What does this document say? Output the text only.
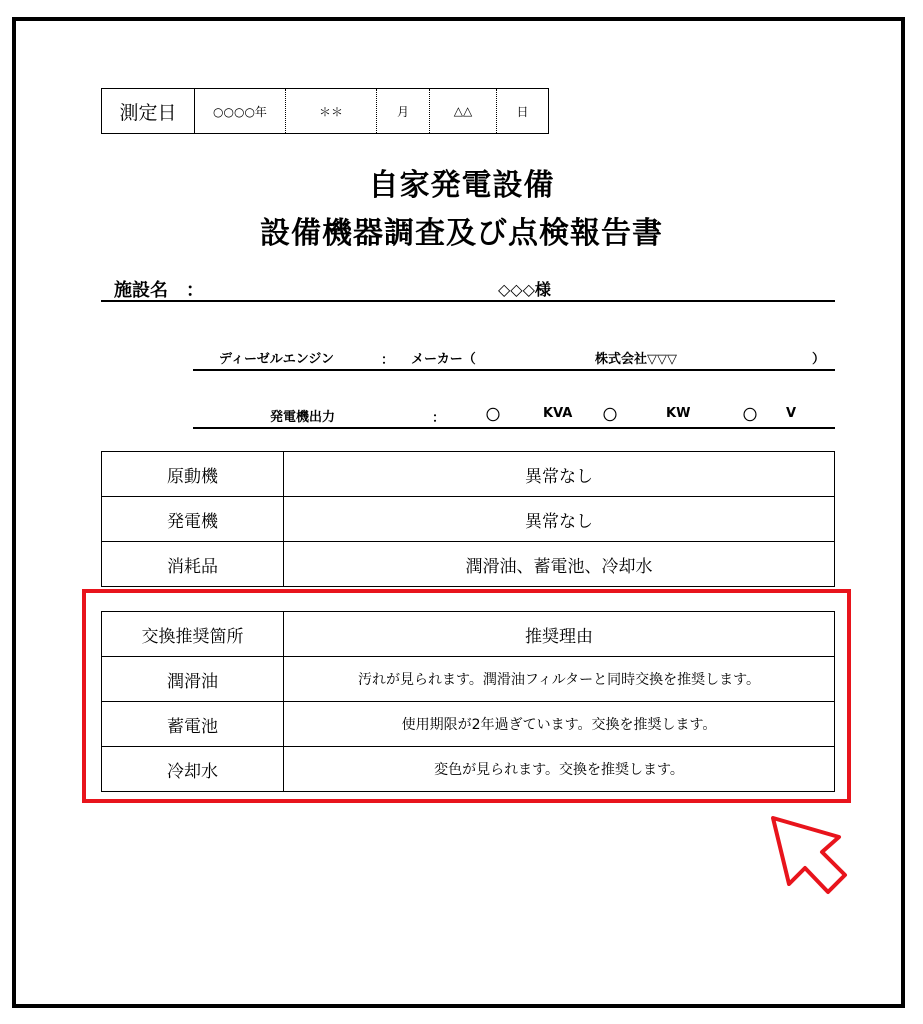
測定日	○○○○年	＊＊	月	△△	日
自家発電設備
設備機器調査及び点検報告書
施設名　：	◇◇◇様
ディーゼルエンジン	： メーカー（	株式会社▽▽▽	）
発電機出力	：	〇	KVA 〇	KW	〇 V
原動機	異常なし
発電機	異常なし
消耗品	潤滑油、蓄電池、冷却水
交換推奨箇所	推奨理由
潤滑油	汚れが見られます。潤滑油フィルターと同時交換を推奨します。
蓄電池	使用期限が2年過ぎています。交換を推奨します。
冷却水	変色が見られます。交換を推奨します。
